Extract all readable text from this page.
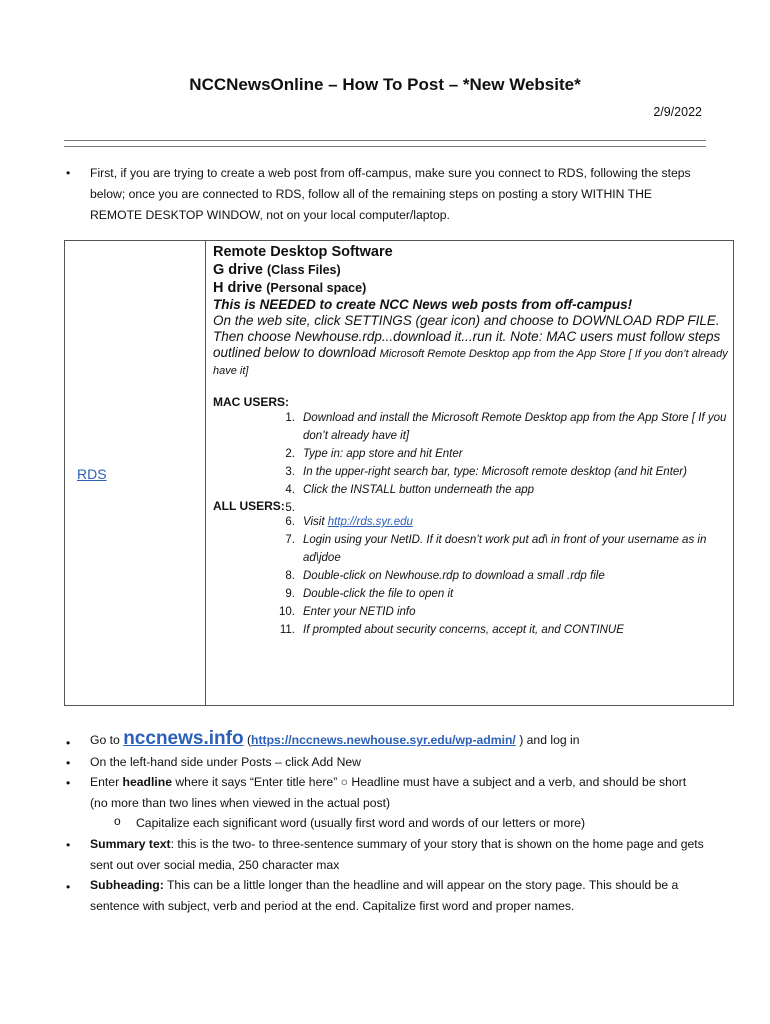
NCCNewsOnline – How To Post – *New Website*
2/9/2022
• First, if you are trying to create a web post from off-campus, make sure you connect to RDS, following the steps below; once you are connected to RDS, follow all of the remaining steps on posting a story WITHIN THE REMOTE DESKTOP WINDOW, not on your local computer/laptop.
RDS

Remote Desktop Software
G drive (Class Files)
H drive (Personal space)
This is NEEDED to create NCC News web posts from off-campus!
On the web site, click SETTINGS (gear icon) and choose to DOWNLOAD RDP FILE.
Then choose Newhouse.rdp...download it...run it. Note: MAC users must follow steps outlined below to download Microsoft Remote Desktop app from the App Store [ If you don’t already have it]
MAC USERS:
1. Download and install the Microsoft Remote Desktop app from the App Store [ If you don’t already have it]
2. Type in: app store and hit Enter
3. In the upper-right search bar, type: Microsoft remote desktop (and hit Enter)
4. Click the INSTALL button underneath the app
5.
ALL USERS:
6. Visit http://rds.syr.edu
7. Login using your NetID. If it doesn’t work put ad\ in front of your username as in ad\jdoe
8. Double-click on Newhouse.rdp to download a small .rdp file
9. Double-click the file to open it
10. Enter your NETID info
11. If prompted about security concerns, accept it, and CONTINUE
• Go to nccnews.info (https://nccnews.newhouse.syr.edu/wp-admin/ ) and log in
• On the left-hand side under Posts – click Add New
• Enter headline where it says “Enter title here” ○ Headline must have a subject and a verb, and should be short (no more than two lines when viewed in the actual post)
o Capitalize each significant word (usually first word and words of our letters or more)
• Summary text: this is the two- to three-sentence summary of your story that is shown on the home page and gets sent out over social media, 250 character max
• Subheading: This can be a little longer than the headline and will appear on the story page. This should be a sentence with subject, verb and period at the end. Capitalize first word and proper names.
